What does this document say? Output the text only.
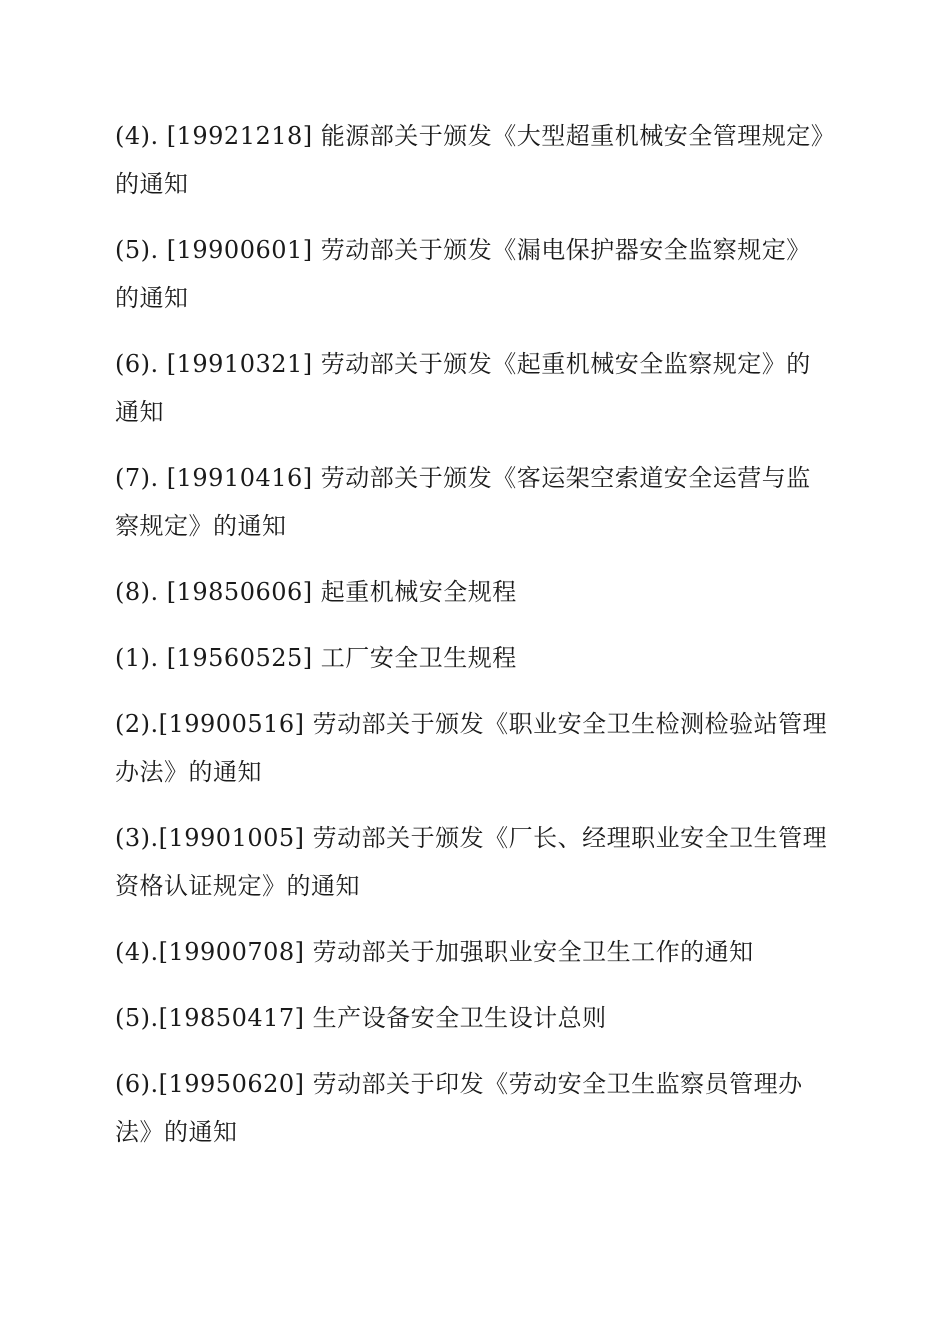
(4). [19921218] 能源部关于颁发《大型超重机械安全管理规定》的通知
(5). [19900601] 劳动部关于颁发《漏电保护器安全监察规定》的通知
(6). [19910321] 劳动部关于颁发《起重机械安全监察规定》的通知
(7). [19910416] 劳动部关于颁发《客运架空索道安全运营与监察规定》的通知
(8). [19850606] 起重机械安全规程
(1). [19560525] 工厂安全卫生规程
(2).[19900516] 劳动部关于颁发《职业安全卫生检测检验站管理办法》的通知
(3).[19901005] 劳动部关于颁发《厂长、经理职业安全卫生管理资格认证规定》的通知
(4).[19900708] 劳动部关于加强职业安全卫生工作的通知
(5).[19850417] 生产设备安全卫生设计总则
(6).[19950620] 劳动部关于印发《劳动安全卫生监察员管理办法》的通知
